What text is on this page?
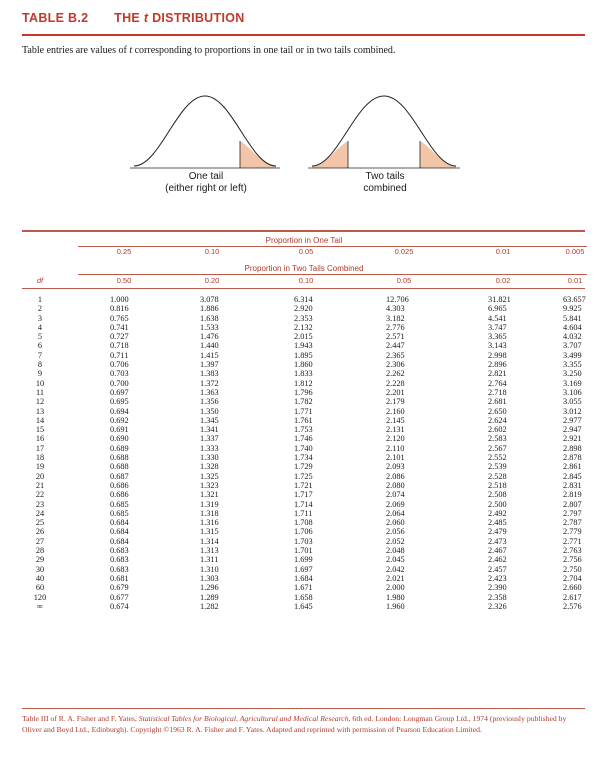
TABLE B.2 THE t DISTRIBUTION
Table entries are values of t corresponding to proportions in one tail or in two tails combined.
One tail
(either right or left)
Two tails
combined
Proportion in One Tail
0.25	0.10	0.05	0.025	0.01	0.005
Proportion in Two Tails Combined
df	0.50	0.20	0.10	0.05	0.02	0.01
1	1.000	3.078	6.314	12.706	31.821	63.657
2	0.816	1.886	2.920	4.303	6.965	9.925
3	0.765	1.638	2.353	3.182	4.541	5.841
4	0.741	1.533	2.132	2.776	3.747	4.604
5	0.727	1.476	2.015	2.571	3.365	4.032
6	0.718	1.440	1.943	2.447	3.143	3.707
7	0.711	1.415	1.895	2.365	2.998	3.499
8	0.706	1.397	1.860	2.306	2.896	3.355
9	0.703	1.383	1.833	2.262	2.821	3.250
10	0.700	1.372	1.812	2.228	2.764	3.169
11	0.697	1.363	1.796	2.201	2.718	3.106
12	0.695	1.356	1.782	2.179	2.681	3.055
13	0.694	1.350	1.771	2.160	2.650	3.012
14	0.692	1.345	1.761	2.145	2.624	2.977
15	0.691	1.341	1.753	2.131	2.602	2.947
16	0.690	1.337	1.746	2.120	2.583	2.921
17	0.689	1.333	1.740	2.110	2.567	2.898
18	0.688	1.330	1.734	2.101	2.552	2.878
19	0.688	1.328	1.729	2.093	2.539	2.861
20	0.687	1.325	1.725	2.086	2.528	2.845
21	0.686	1.323	1.721	2.080	2.518	2.831
22	0.686	1.321	1.717	2.074	2.508	2.819
23	0.685	1.319	1.714	2.069	2.500	2.807
24	0.685	1.318	1.711	2.064	2.492	2.797
25	0.684	1.316	1.708	2.060	2.485	2.787
26	0.684	1.315	1.706	2.056	2.479	2.779
27	0.684	1.314	1.703	2.052	2.473	2.771
28	0.683	1.313	1.701	2.048	2.467	2.763
29	0.683	1.311	1.699	2.045	2.462	2.756
30	0.683	1.310	1.697	2.042	2.457	2.750
40	0.681	1.303	1.684	2.021	2.423	2.704
60	0.679	1.296	1.671	2.000	2.390	2.660
120	0.677	1.289	1.658	1.980	2.358	2.617
∞	0.674	1.282	1.645	1.960	2.326	2.576
Table III of R. A. Fisher and F. Yates, Statistical Tables for Biological, Agricultural and Medical Research, 6th ed. London: Longman Group Ltd., 1974 (previously published by Oliver and Boyd Ltd., Edinburgh). Copyright ©1963 R. A. Fisher and F. Yates. Adapted and reprinted with permission of Pearson Education Limited.
